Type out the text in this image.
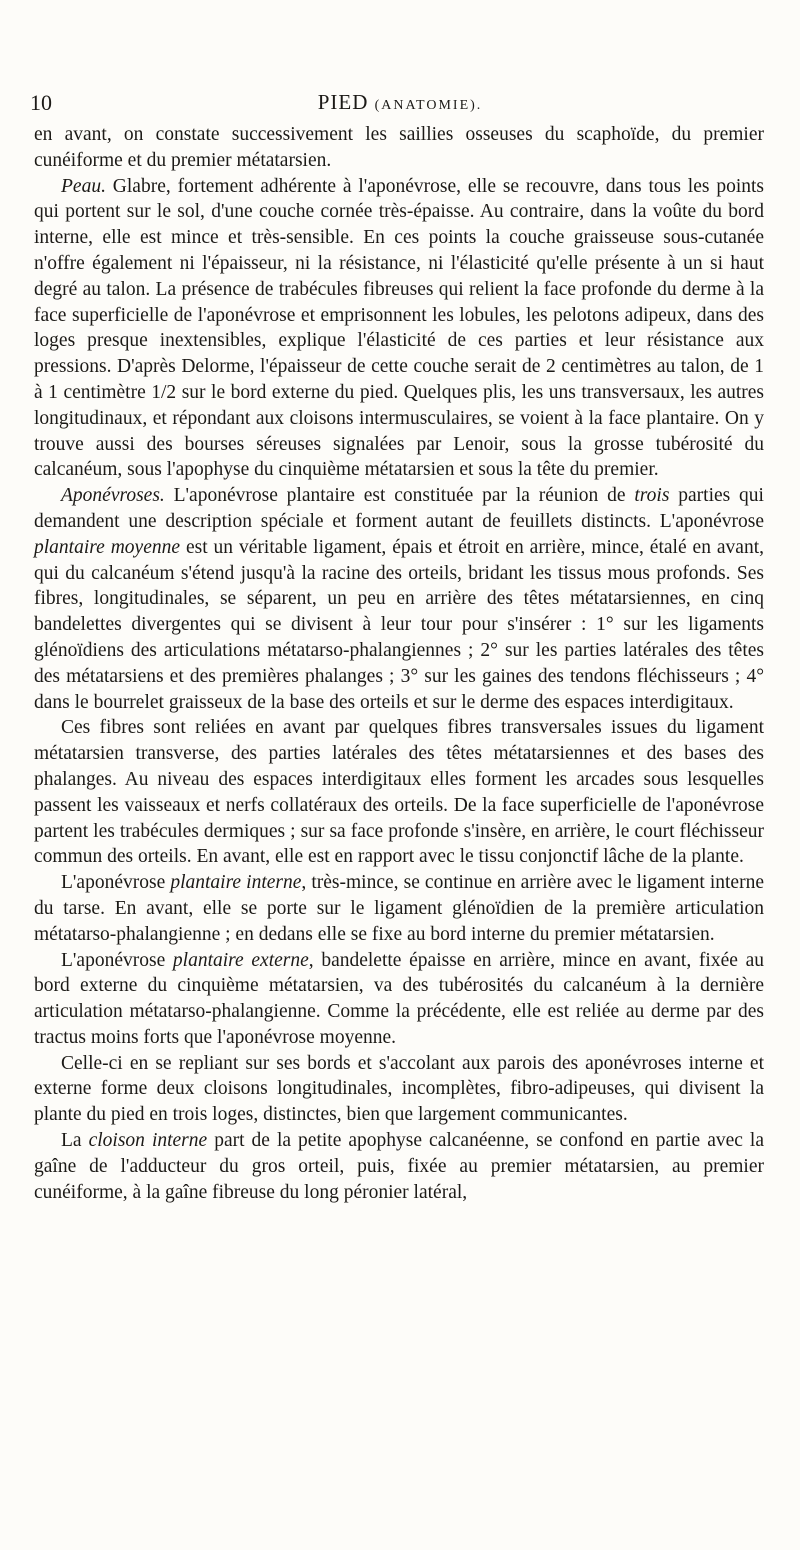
10	PIED (ANATOMIE).

en avant, on constate successivement les saillies osseuses du scaphoïde, du premier cunéiforme et du premier métatarsien.

Peau. Glabre, fortement adhérente à l'aponévrose, elle se recouvre, dans tous les points qui portent sur le sol, d'une couche cornée très-épaisse. Au contraire, dans la voûte du bord interne, elle est mince et très-sensible. En ces points la couche graisseuse sous-cutanée n'offre également ni l'épaisseur, ni la résistance, ni l'élasticité qu'elle présente à un si haut degré au talon. La présence de trabécules fibreuses qui relient la face profonde du derme à la face superficielle de l'aponévrose et emprisonnent les lobules, les pelotons adipeux, dans des loges presque inextensibles, explique l'élasticité de ces parties et leur résistance aux pressions. D'après Delorme, l'épaisseur de cette couche serait de 2 centimètres au talon, de 1 à 1 centimètre 1/2 sur le bord externe du pied. Quelques plis, les uns transversaux, les autres longitudinaux, et répondant aux cloisons intermusculaires, se voient à la face plantaire. On y trouve aussi des bourses séreuses signalées par Lenoir, sous la grosse tubérosité du calcanéum, sous l'apophyse du cinquième métatarsien et sous la tête du premier.

Aponévroses. L'aponévrose plantaire est constituée par la réunion de trois parties qui demandent une description spéciale et forment autant de feuillets distincts. L'aponévrose plantaire moyenne est un véritable ligament, épais et étroit en arrière, mince, étalé en avant, qui du calcanéum s'étend jusqu'à la racine des orteils, bridant les tissus mous profonds. Ses fibres, longitudinales, se séparent, un peu en arrière des têtes métatarsiennes, en cinq bandelettes divergentes qui se divisent à leur tour pour s'insérer : 1° sur les ligaments glénoïdiens des articulations métatarso-phalangiennes ; 2° sur les parties latérales des têtes des métatarsiens et des premières phalanges ; 3° sur les gaines des tendons fléchisseurs ; 4° dans le bourrelet graisseux de la base des orteils et sur le derme des espaces interdigitaux.

Ces fibres sont reliées en avant par quelques fibres transversales issues du ligament métatarsien transverse, des parties latérales des têtes métatarsiennes et des bases des phalanges. Au niveau des espaces interdigitaux elles forment les arcades sous lesquelles passent les vaisseaux et nerfs collatéraux des orteils. De la face superficielle de l'aponévrose partent les trabécules dermiques ; sur sa face profonde s'insère, en arrière, le court fléchisseur commun des orteils. En avant, elle est en rapport avec le tissu conjonctif lâche de la plante.

L'aponévrose plantaire interne, très-mince, se continue en arrière avec le ligament interne du tarse. En avant, elle se porte sur le ligament glénoïdien de la première articulation métatarso-phalangienne ; en dedans elle se fixe au bord interne du premier métatarsien.

L'aponévrose plantaire externe, bandelette épaisse en arrière, mince en avant, fixée au bord externe du cinquième métatarsien, va des tubérosités du calcanéum à la dernière articulation métatarso-phalangienne. Comme la précédente, elle est reliée au derme par des tractus moins forts que l'aponévrose moyenne.

Celle-ci en se repliant sur ses bords et s'accolant aux parois des aponévroses interne et externe forme deux cloisons longitudinales, incomplètes, fibro-adipeuses, qui divisent la plante du pied en trois loges, distinctes, bien que largement communicantes.

La cloison interne part de la petite apophyse calcanéenne, se confond en partie avec la gaîne de l'adducteur du gros orteil, puis, fixée au premier métatarsien, au premier cunéiforme, à la gaîne fibreuse du long péronier latéral,
